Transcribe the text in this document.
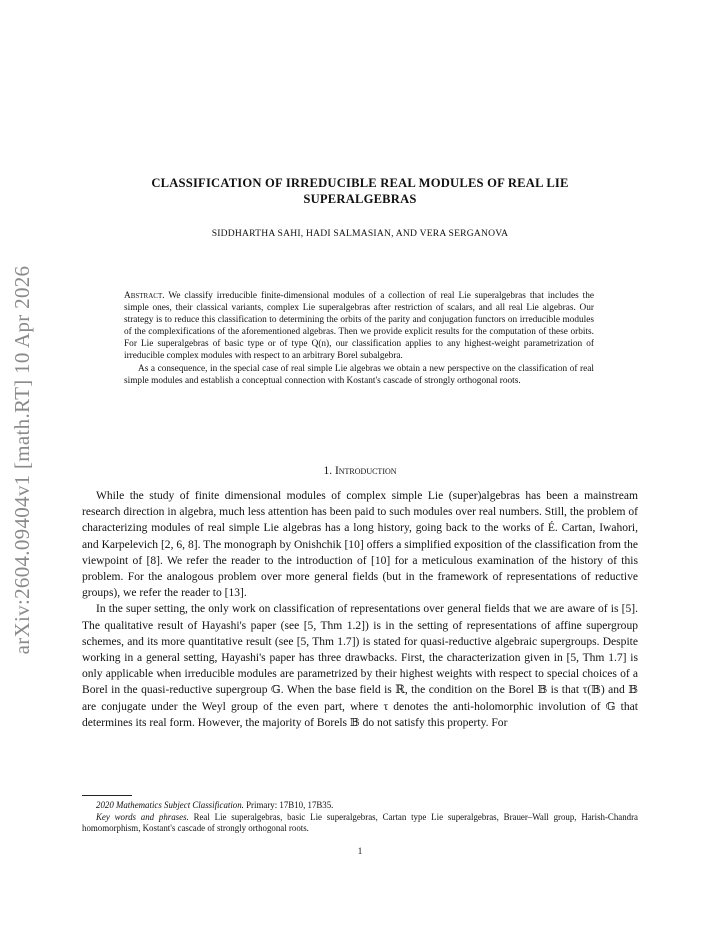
arXiv:2604.09404v1 [math.RT] 10 Apr 2026
CLASSIFICATION OF IRREDUCIBLE REAL MODULES OF REAL LIE
SUPERALGEBRAS
SIDDHARTHA SAHI, HADI SALMASIAN, AND VERA SERGANOVA

Abstract. We classify irreducible finite-dimensional modules of a collection of real Lie superalgebras that includes the simple ones, their classical variants, complex Lie superalgebras after restriction of scalars, and all real Lie algebras. Our strategy is to reduce this classification to determining the orbits of the parity and conjugation functors on irreducible modules of the complexifications of the aforementioned algebras. Then we provide explicit results for the computation of these orbits. For Lie superalgebras of basic type or of type Q(n), our classification applies to any highest-weight parametrization of irreducible complex modules with respect to an arbitrary Borel subalgebra.

As a consequence, in the special case of real simple Lie algebras we obtain a new perspective on the classification of real simple modules and establish a conceptual connection with Kostant's cascade of strongly orthogonal roots.

1. Introduction

While the study of finite dimensional modules of complex simple Lie (super)algebras has been a mainstream research direction in algebra, much less attention has been paid to such modules over real numbers. Still, the problem of characterizing modules of real simple Lie algebras has a long history, going back to the works of É. Cartan, Iwahori, and Karpelevich [2, 6, 8]. The monograph by Onishchik [10] offers a simplified exposition of the classification from the viewpoint of [8]. We refer the reader to the introduction of [10] for a meticulous examination of the history of this problem. For the analogous problem over more general fields (but in the framework of representations of reductive groups), we refer the reader to [13].

In the super setting, the only work on classification of representations over general fields that we are aware of is [5]. The qualitative result of Hayashi's paper (see [5, Thm 1.2]) is in the setting of representations of affine supergroup schemes, and its more quantitative result (see [5, Thm 1.7]) is stated for quasi-reductive algebraic supergroups. Despite working in a general setting, Hayashi's paper has three drawbacks. First, the characterization given in [5, Thm 1.7] is only applicable when irreducible modules are parametrized by their highest weights with respect to special choices of a Borel in the quasi-reductive supergroup 𝔾. When the base field is ℝ, the condition on the Borel 𝔹 is that τ(𝔹) and 𝔹 are conjugate under the Weyl group of the even part, where τ denotes the anti-holomorphic involution of 𝔾 that determines its real form. However, the majority of Borels 𝔹 do not satisfy this property. For

2020 Mathematics Subject Classification. Primary: 17B10, 17B35.

Key words and phrases. Real Lie superalgebras, basic Lie superalgebras, Cartan type Lie superalgebras, Brauer–Wall group, Harish-Chandra homomorphism, Kostant's cascade of strongly orthogonal roots.

1
